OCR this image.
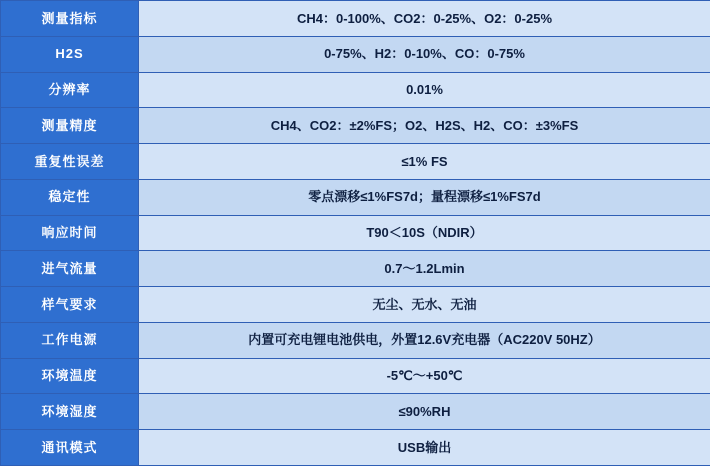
测量指标	CH4：0-100%、CO2：0-25%、O2：0-25%
H2S	0-75%、H2：0-10%、CO：0-75%
分辨率	0.01%
测量精度	CH4、CO2：±2%FS；O2、H2S、H2、CO：±3%FS
重复性误差	≤1% FS
稳定性	零点漂移≤1%FS7d；量程漂移≤1%FS7d
响应时间	T90＜10S（NDIR）
进气流量	0.7～1.2Lmin
样气要求	无尘、无水、无油
工作电源	内置可充电锂电池供电，外置12.6V充电器（AC220V 50HZ）
环境温度	-5℃～+50℃
环境湿度	≤90%RH
通讯模式	USB输出
